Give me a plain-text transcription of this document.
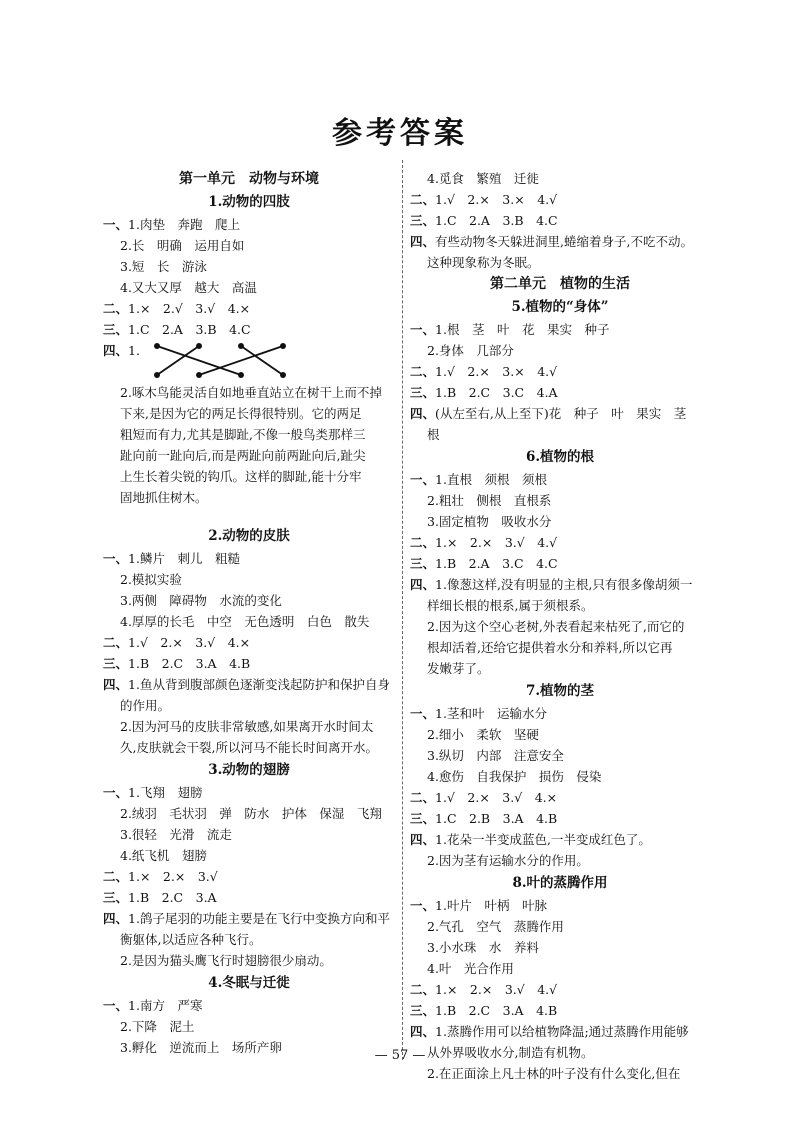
参考答案
第一单元　动物与环境
1.动物的四肢
一、1.肉垫　奔跑　爬上
2.长　明确　运用自如
3.短　长　游泳
4.又大又厚　越大　高温
二、1.×　2.√　3.√　4.×
三、1.C　2.A　3.B　4.C
四、1.
2.啄木鸟能灵活自如地垂直站立在树干上而不掉
下来,是因为它的两足长得很特别。它的两足
粗短而有力,尤其是脚趾,不像一般鸟类那样三
趾向前一趾向后,而是两趾向前两趾向后,趾尖
上生长着尖锐的钩爪。这样的脚趾,能十分牢
固地抓住树木。
2.动物的皮肤
一、1.鳞片　刺儿　粗糙
2.模拟实验
3.两侧　障碍物　水流的变化
4.厚厚的长毛　中空　无色透明　白色　散失
二、1.√　2.×　3.√　4.×
三、1.B　2.C　3.A　4.B
四、1.鱼从背到腹部颜色逐渐变浅起防护和保护自身
的作用。
2.因为河马的皮肤非常敏感,如果离开水时间太
久,皮肤就会干裂,所以河马不能长时间离开水。
3.动物的翅膀
一、1.飞翔　翅膀
2.绒羽　毛状羽　弹　防水　护体　保湿　飞翔
3.很轻　光滑　流走
4.纸飞机　翅膀
二、1.×　2.×　3.√
三、1.B　2.C　3.A
四、1.鸽子尾羽的功能主要是在飞行中变换方向和平
衡躯体,以适应各种飞行。
2.是因为猫头鹰飞行时翅膀很少扇动。
4.冬眠与迁徙
一、1.南方　严寒
2.下降　泥土
3.孵化　逆流而上　场所产卵
4.觅食　繁殖　迁徙
二、1.√　2.×　3.×　4.√
三、1.C　2.A　3.B　4.C
四、有些动物冬天躲进洞里,蜷缩着身子,不吃不动。
这种现象称为冬眠。
第二单元　植物的生活
5.植物的“身体”
一、1.根　茎　叶　花　果实　种子
2.身体　几部分
二、1.√　2.×　3.×　4.√
三、1.B　2.C　3.C　4.A
四、(从左至右,从上至下)花　种子　叶　果实　茎
根
6.植物的根
一、1.直根　须根　须根
2.粗壮　侧根　直根系
3.固定植物　吸收水分
二、1.×　2.×　3.√　4.√
三、1.B　2.A　3.C　4.C
四、1.像葱这样,没有明显的主根,只有很多像胡须一
样细长根的根系,属于须根系。
2.因为这个空心老树,外表看起来枯死了,而它的
根却活着,还给它提供着水分和养料,所以它再
发嫩芽了。
7.植物的茎
一、1.茎和叶　运输水分
2.细小　柔软　坚硬
3.纵切　内部　注意安全
4.愈伤　自我保护　损伤　侵染
二、1.√　2.×　3.√　4.×
三、1.C　2.B　3.A　4.B
四、1.花朵一半变成蓝色,一半变成红色了。
2.因为茎有运输水分的作用。
8.叶的蒸腾作用
一、1.叶片　叶柄　叶脉
2.气孔　空气　蒸腾作用
3.小水珠　水　养料
4.叶　光合作用
二、1.×　2.×　3.√　4.√
三、1.B　2.C　3.A　4.B
四、1.蒸腾作用可以给植物降温;通过蒸腾作用能够
从外界吸收水分,制造有机物。
2.在正面涂上凡士林的叶子没有什么变化,但在
— 57 —
